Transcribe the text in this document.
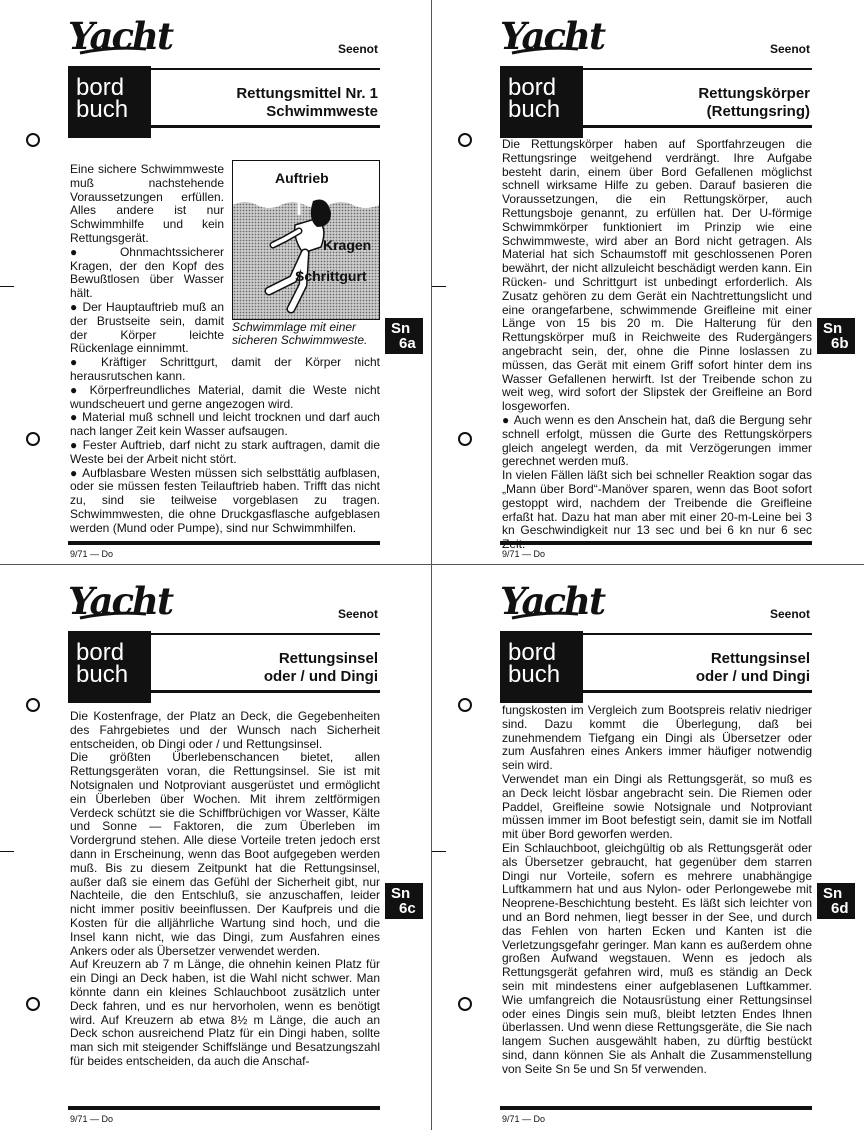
Yacht	Seenot
bord
buch
Rettungsmittel Nr. 1
Schwimmweste
Sn
6a
Auftrieb
Kragen
Schrittgurt
Schwimmlage mit einer sicheren Schwimmweste.

Eine sichere Schwimmweste muß nachstehende Voraussetzungen erfüllen. Alles andere ist nur Schwimmhilfe und kein Rettungsgerät.

● Ohnmachtssicherer Kragen, der den Kopf des Bewußtlosen über Wasser hält.

● Der Hauptauftrieb muß an der Brustseite sein, damit der Körper leichte Rückenlage einnimmt.

● Kräftiger Schrittgurt, damit der Körper nicht herausrutschen kann.

● Körperfreundliches Material, damit die Weste nicht wundscheuert und gerne angezogen wird.

● Material muß schnell und leicht trocknen und darf auch nach langer Zeit kein Wasser aufsaugen.

● Fester Auftrieb, darf nicht zu stark auftragen, damit die Weste bei der Arbeit nicht stört.

● Aufblasbare Westen müssen sich selbsttätig aufblasen, oder sie müssen festen Teilauftrieb haben. Trifft das nicht zu, sind sie teilweise vorgeblasen zu tragen. Schwimmwesten, die ohne Druckgasflasche aufgeblasen werden (Mund oder Pumpe), sind nur Schwimmhilfen.

9/71 — Do
Yacht	Seenot
bord
buch
Rettungskörper
(Rettungsring)
Sn
6b

Die Rettungskörper haben auf Sportfahrzeugen die Rettungsringe weitgehend verdrängt. Ihre Aufgabe besteht darin, einem über Bord Gefallenen möglichst schnell wirksame Hilfe zu geben. Darauf basieren die Voraussetzungen, die ein Rettungskörper, auch Rettungsboje genannt, zu erfüllen hat. Der U-förmige Schwimmkörper funktioniert im Prinzip wie eine Schwimmweste, wird aber an Bord nicht getragen. Als Material hat sich Schaumstoff mit geschlossenen Poren bewährt, der nicht allzuleicht beschädigt werden kann. Ein Rücken- und Schrittgurt ist unbedingt erforderlich. Als Zusatz gehören zu dem Gerät ein Nachtrettungslicht und eine orangefarbene, schwimmende Greifleine mit einer Länge von 15 bis 20 m. Die Halterung für den Rettungskörper muß in Reichweite des Rudergängers angebracht sein, der, ohne die Pinne loslassen zu müssen, das Gerät mit einem Griff sofort hinter dem ins Wasser Gefallenen herwirft. Ist der Treibende schon zu weit weg, wird sofort der Slipstek der Greifleine an Bord losgeworfen.

● Auch wenn es den Anschein hat, daß die Bergung sehr schnell erfolgt, müssen die Gurte des Rettungskörpers gleich angelegt werden, da mit Verzögerungen immer gerechnet werden muß.

In vielen Fällen läßt sich bei schneller Reaktion sogar das „Mann über Bord“-Manöver sparen, wenn das Boot sofort gestoppt wird, nachdem der Treibende die Greifleine erfaßt hat. Dazu hat man aber mit einer 20-m-Leine bei 3 kn Geschwindigkeit nur 13 sec und bei 6 kn nur 6 sec

9/71 — Do
Yacht	Seenot
bord
buch
Rettungsinsel
oder / und Dingi
Sn
6c

Die Kostenfrage, der Platz an Deck, die Gegebenheiten des Fahrgebietes und der Wunsch nach Sicherheit entscheiden, ob Dingi oder / und Rettungsinsel.

Die größten Überlebenschancen bietet, allen Rettungsgeräten voran, die Rettungsinsel. Sie ist mit Notsignalen und Notproviant ausgerüstet und ermöglicht ein Überleben über Wochen. Mit ihrem zeltförmigen Verdeck schützt sie die Schiffbrüchigen vor Wasser, Kälte und Sonne — Faktoren, die zum Überleben im Vordergrund stehen. Alle diese Vorteile treten jedoch erst dann in Erscheinung, wenn das Boot aufgegeben werden muß. Bis zu diesem Zeitpunkt hat die Rettungsinsel, außer daß sie einem das Gefühl der Sicherheit gibt, nur Nachteile, die den Entschluß, sie anzuschaffen, leider nicht immer positiv beeinflussen. Der Kaufpreis und die Kosten für die alljährliche Wartung sind hoch, und die Insel kann nicht, wie das Dingi, zum Ausfahren eines Ankers oder als Übersetzer verwendet werden.

Auf Kreuzern ab 7 m Länge, die ohnehin keinen Platz für ein Dingi an Deck haben, ist die Wahl nicht schwer. Man könnte dann ein kleines Schlauchboot zusätzlich unter Deck fahren, und es nur hervorholen, wenn es benötigt wird. Auf Kreuzern ab etwa 8½ m Länge, die auch an Deck schon ausreichend Platz für ein Dingi haben, sollte man sich mit steigender Schiffslänge und Besatzungszahl für beides entscheiden, da auch die Anschaf-

9/71 — Do
Yacht	Seenot
bord
buch
Rettungsinsel
oder / und Dingi
Sn
6d

fungskosten im Vergleich zum Bootspreis relativ niedriger sind. Dazu kommt die Überlegung, daß bei zunehmendem Tiefgang ein Dingi als Übersetzer oder zum Ausfahren eines Ankers immer häufiger notwendig sein wird.

Verwendet man ein Dingi als Rettungsgerät, so muß es an Deck leicht lösbar angebracht sein. Die Riemen oder Paddel, Greifleine sowie Notsignale und Notproviant müssen immer im Boot befestigt sein, damit sie im Notfall mit über Bord geworfen werden.

Ein Schlauchboot, gleichgültig ob als Rettungsgerät oder als Übersetzer gebraucht, hat gegenüber dem starren Dingi nur Vorteile, sofern es mehrere unabhängige Luftkammern hat und aus Nylon- oder Perlongewebe mit Neoprene-Beschichtung besteht. Es läßt sich leichter von und an Bord nehmen, liegt besser in der See, und durch das Fehlen von harten Ecken und Kanten ist die Verletzungsgefahr geringer. Man kann es außerdem ohne großen Aufwand wegstauen. Wenn es jedoch als Rettungsgerät gefahren wird, muß es ständig an Deck sein mit mindestens einer aufgeblasenen Luftkammer. Wie umfangreich die Notausrüstung einer Rettungsinsel oder eines Dingis sein muß, bleibt letzten Endes Ihnen überlassen. Und wenn diese Rettungsgeräte, die Sie nach langem Suchen ausgewählt haben, zu dürftig bestückt sind, dann können Sie als Anhalt die Zusammenstellung von Seite Sn 5e und Sn 5f verwenden.

9/71 — Do
